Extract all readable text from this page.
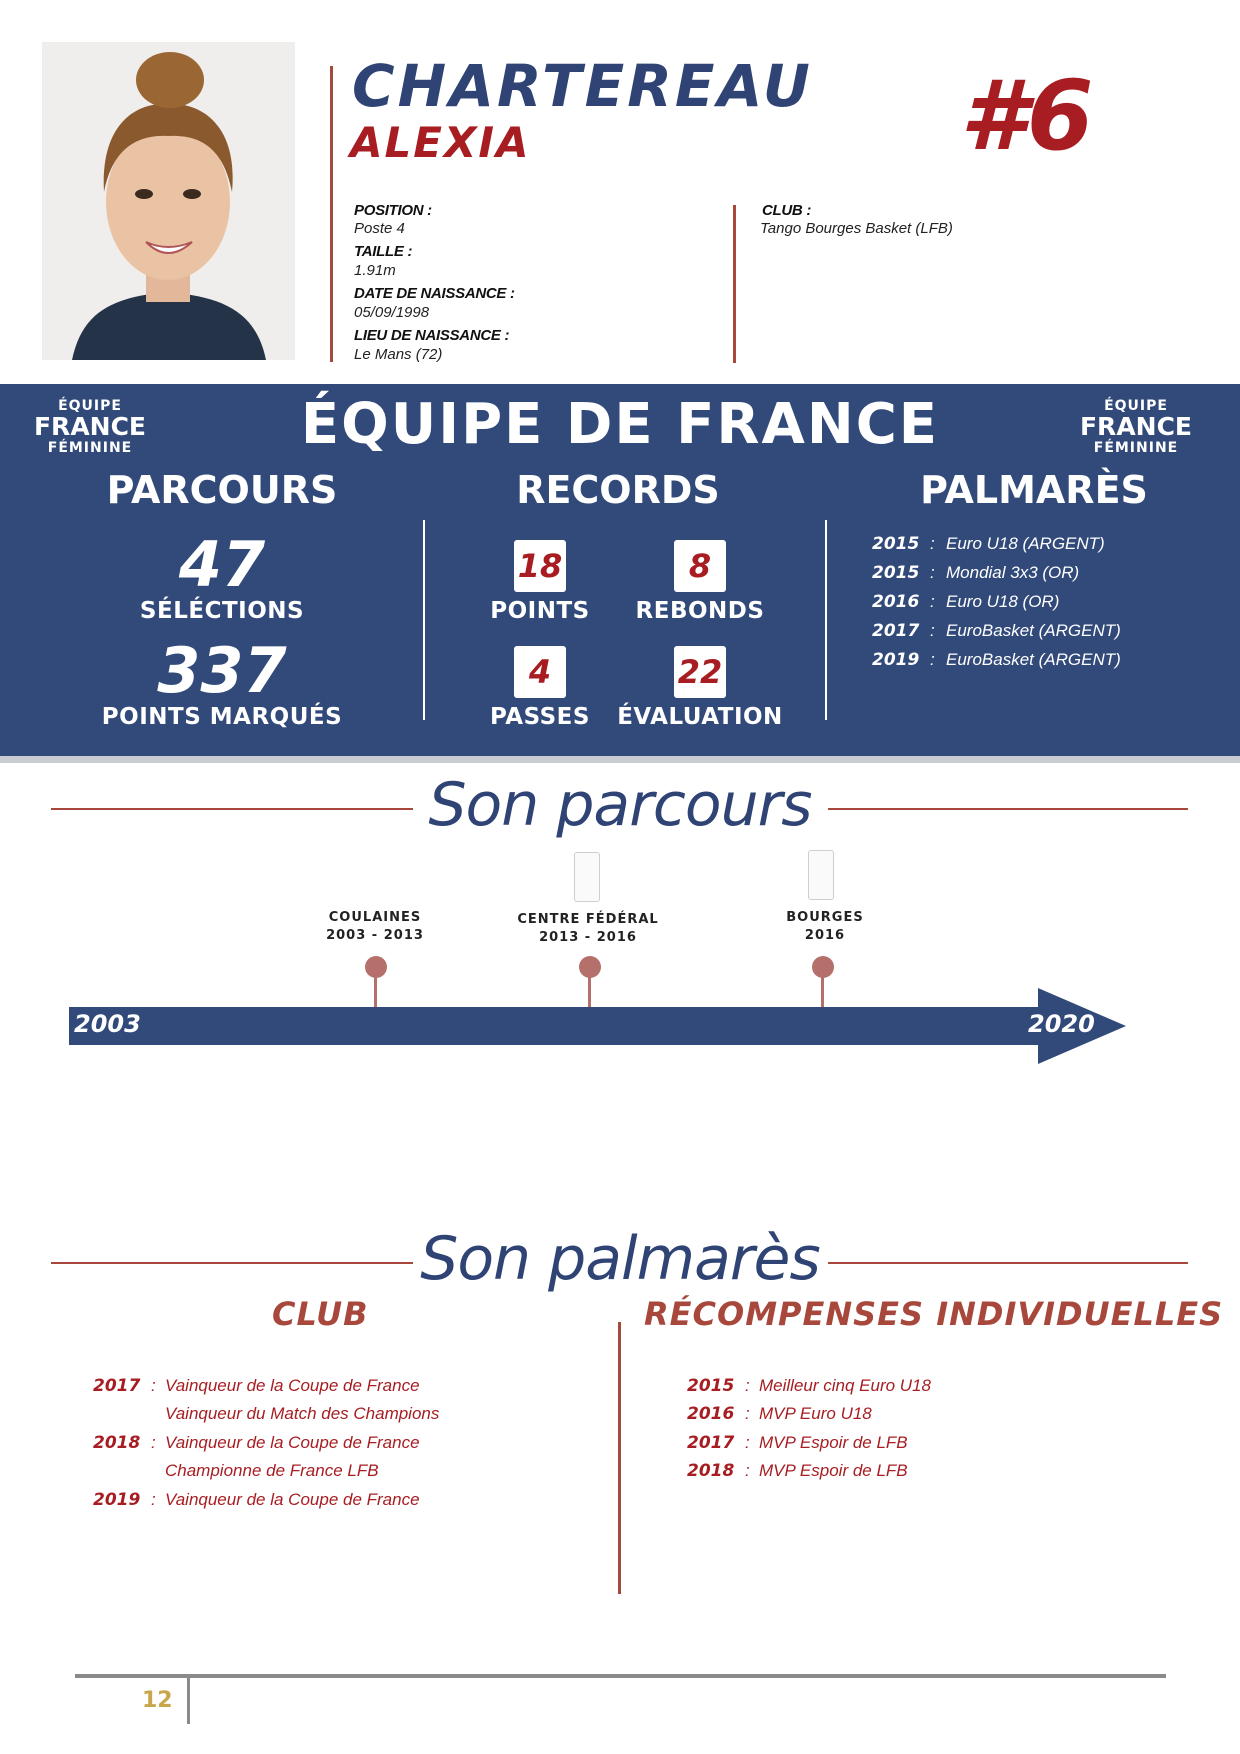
CHARTEREAU
ALEXIA	#6
POSITION :
Poste 4
TAILLE :
1.91m
DATE DE NAISSANCE :
05/09/1998
LIEU DE NAISSANCE :
Le Mans (72)
CLUB :
Tango Bourges Basket (LFB)
ÉQUIPE
FRANCE
FÉMININE
ÉQUIPE
FRANCE
FÉMININE
ÉQUIPE DE FRANCE
PARCOURS	RECORDS	PALMARÈS
47
SÉLÉCTIONS
337
POINTS MARQUÉS
18
POINTS
8
REBONDS
4
PASSES
22
ÉVALUATION
2015 : Euro U18 (ARGENT)
2015 : Mondial 3x3 (OR)
2016 : Euro U18 (OR)
2017 : EuroBasket (ARGENT)
2019 : EuroBasket (ARGENT)
Son parcours
COULAINES
2003 - 2013
CENTRE FÉDÉRAL
2013 - 2016
BOURGES
2016
2003	2020
Son palmarès
CLUB	RÉCOMPENSES INDIVIDUELLES
2017 : Vainqueur de la Coupe de France
Vainqueur du Match des Champions
2018 : Vainqueur de la Coupe de France
Championne de France LFB
2019 : Vainqueur de la Coupe de France
2015 : Meilleur cinq Euro U18
2016 : MVP Euro U18
2017 : MVP Espoir de LFB
2018 : MVP Espoir de LFB
12
